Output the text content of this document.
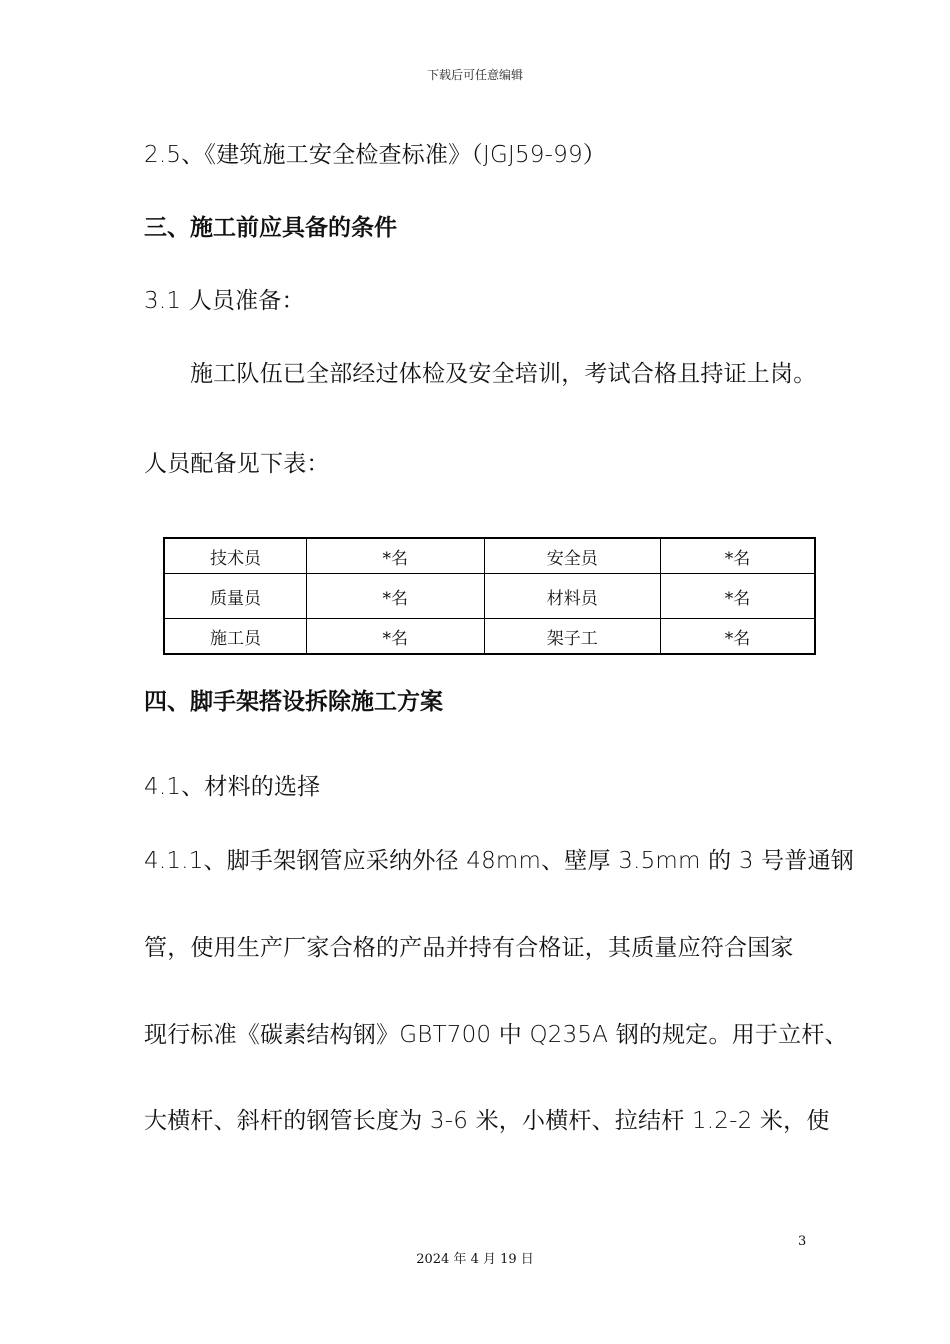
下载后可任意编辑
2.5、《建筑施工安全检查标准》（JGJ59-99）
三、施工前应具备的条件
3.1 人员准备：
施工队伍已全部经过体检及安全培训，考试合格且持证上岗。
人员配备见下表：
技术员	*名	安全员	*名
质量员	*名	材料员	*名
施工员	*名	架子工	*名
四、脚手架搭设拆除施工方案
4.1、材料的选择
4.1.1、脚手架钢管应采纳外径 48mm、壁厚 3.5mm 的 3 号普通钢
管，使用生产厂家合格的产品并持有合格证，其质量应符合国家
现行标准《碳素结构钢》GBT700 中 Q235A 钢的规定。用于立杆、
大横杆、斜杆的钢管长度为 3-6 米，小横杆、拉结杆 1.2-2 米，使
3
2024 年 4 月 19 日
